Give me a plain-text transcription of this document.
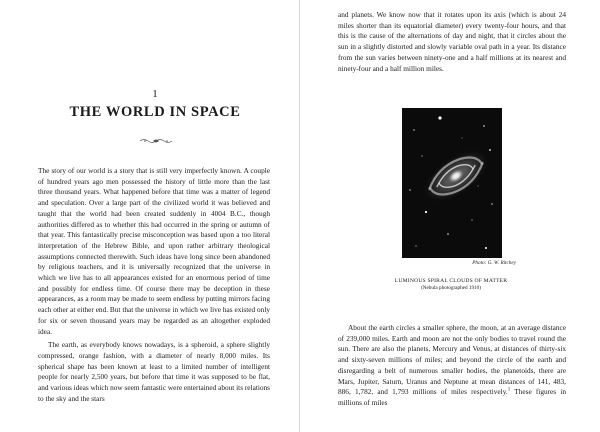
1
THE WORLD IN SPACE

The story of our world is a story that is still very imperfectly known. A couple of hundred years ago men possessed the history of little more than the last three thousand years. What happened before that time was a matter of legend and speculation. Over a large part of the civilized world it was believed and taught that the world had been created suddenly in 4004 B.C., though authorities differed as to whether this had occurred in the spring or autumn of that year. This fantastically precise misconception was based upon a too literal interpretation of the Hebrew Bible, and upon rather arbitrary theological assumptions connected therewith. Such ideas have long since been abandoned by religious teachers, and it is universally recognized that the universe in which we live has to all appearances existed for an enormous period of time and possibly for endless time. Of course there may be deception in these appearances, as a room may be made to seem endless by putting mirrors facing each other at either end. But that the universe in which we live has existed only for six or seven thousand years may be regarded as an altogether exploded idea.

The earth, as everybody knows nowadays, is a spheroid, a sphere slightly compressed, orange fashion, with a diameter of nearly 8,000 miles. Its spherical shape has been known at least to a limited number of intelligent people for nearly 2,500 years, but before that time it was supposed to be flat, and various ideas which now seem fantastic were entertained about its relations to the sky and the stars

and planets. We know now that it rotates upon its axis (which is about 24 miles shorter than its equatorial diameter) every twenty-four hours, and that this is the cause of the alternations of day and night, that it circles about the sun in a slightly distorted and slowly variable oval path in a year. Its distance from the sun varies between ninety-one and a half millions at its nearest and ninety-four and a half million miles.

Photo: G. W. Ritchey
LUMINOUS SPIRAL CLOUDS OF MATTER
(Nebula photographed 1910)

About the earth circles a smaller sphere, the moon, at an average distance of 239,000 miles. Earth and moon are not the only bodies to travel round the sun. There are also the planets, Mercury and Venus, at distances of thirty-six and sixty-seven millions of miles; and beyond the circle of the earth and disregarding a belt of numerous smaller bodies, the planetoids, there are Mars, Jupiter, Saturn, Uranus and Neptune at mean distances of 141, 483, 886, 1,782, and 1,793 millions of miles respectively.$^1$ These figures in millions of miles
